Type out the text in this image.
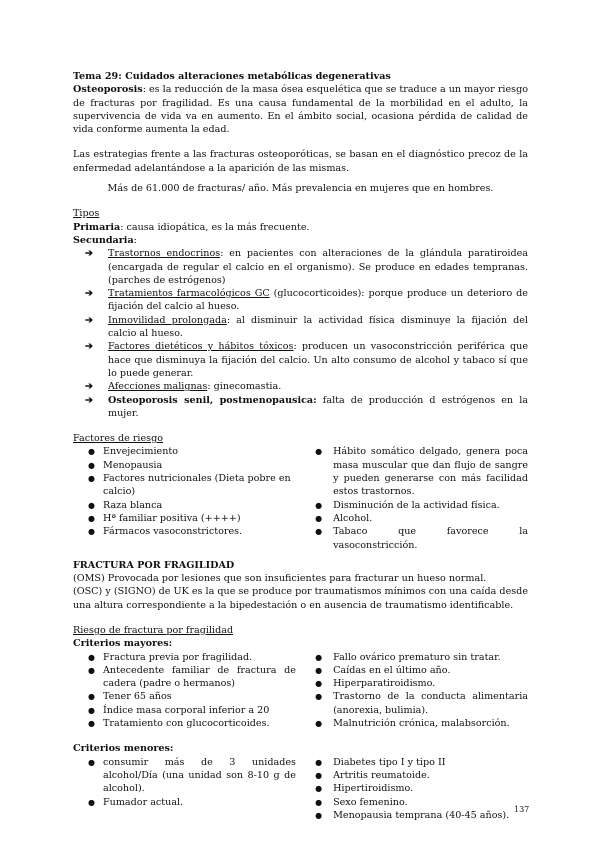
Tema 29: Cuidados alteraciones metabólicas degenerativas

Osteoporosis: es la reducción de la masa ósea esquelética que se traduce a un mayor riesgo de fracturas por fragilidad. Es una causa fundamental de la morbilidad en el adulto, la supervivencia de vida va en aumento. En el ámbito social, ocasiona pérdida de calidad de vida conforme aumenta la edad.

Las estrategias frente a las fracturas osteoporóticas, se basan en el diagnóstico precoz de la enfermedad adelantándose a la aparición de las mismas.

Más de 61.000 de fracturas/ año. Más prevalencia en mujeres que en hombres.

Tipos

Primaria: causa idiopática, es la más frecuente.

Secundaria:

➔ Trastornos endocrinos: en pacientes con alteraciones de la glándula paratiroidea (encargada de regular el calcio en el organismo). Se produce en edades tempranas. (parches de estrógenos)
➔ Tratamientos farmacológicos GC (glucocorticoides): porque produce un deterioro de fijación del calcio al hueso.
➔ Inmovilidad prolongada: al disminuir la actividad física disminuye la fijación del calcio al hueso.
➔ Factores dietéticos y hábitos tóxicos: producen un vasoconstricción periférica que hace que disminuya la fijación del calcio. Un alto consumo de alcohol y tabaco sí que lo puede generar.
➔ Afecciones malignas: ginecomastia.
➔ Osteoporosis senil, postmenopausica: falta de producción d estrógenos en la mujer.

Factores de riesgo

● Envejecimiento
● Menopausia
● Factores nutricionales (Dieta pobre en calcio)
● Raza blanca
● Hª familiar positiva (++++)
● Fármacos vasoconstrictores.
● Hábito somático delgado, genera poca masa muscular que dan flujo de sangre y pueden generarse con más facilidad estos trastornos.
● Disminución de la actividad física.
● Alcohol.
● Tabaco que favorece la vasoconstricción.

FRACTURA POR FRAGILIDAD

(OMS) Provocada por lesiones que son insuficientes para fracturar un hueso normal.

(OSC) y (SIGNO) de UK es la que se produce por traumatismos mínimos con una caída desde una altura correspondiente a la bipedestación o en ausencia de traumatismo identificable.

Riesgo de fractura por fragilidad

Criterios mayores:

● Fractura previa por fragilidad.
● Antecedente familiar de fractura de cadera (padre o hermanos)
● Tener 65 años
● Índice masa corporal inferior a 20
● Tratamiento con glucocorticoides.
● Fallo ovárico prematuro sin tratar.
● Caídas en el último año.
● Hiperparatiroidismo.
● Trastorno de la conducta alimentaria (anorexia, bulimia).
● Malnutrición crónica, malabsorción.

Criterios menores:

● consumir más de 3 unidades alcohol/Día (una unidad son 8-10 g de alcohol).
● Fumador actual.
● Diabetes tipo I y tipo II
● Artritis reumatoide.
● Hipertiroidismo.
● Sexo femenino.
● Menopausia temprana (40-45 años).
137
